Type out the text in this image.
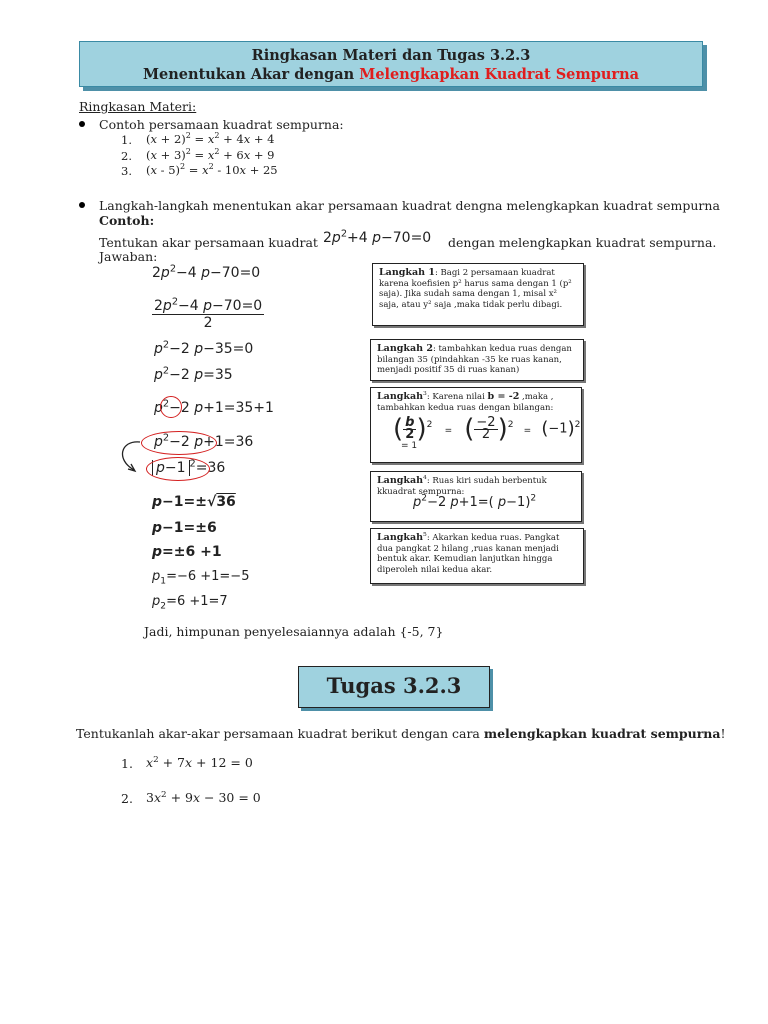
Ringkasan Materi dan Tugas 3.2.3
Menentukan Akar dengan Melengkapkan Kuadrat Sempurna
Ringkasan Materi:
Contoh persamaan kuadrat sempurna:
1. $(x + 2)^2 = x^2 + 4x + 4$
2. $(x + 3)^2 = x^2 + 6x + 9$
3. $(x - 5)^2 = x^2 - 10x + 25$
Langkah-langkah menentukan akar persamaan kuadrat dengna melengkapkan kuadrat sempurna
Contoh:
Tentukan akar persamaan kuadrat $2p^2+4$ p−70=0 dengan melengkapkan kuadrat sempurna.
Jawaban:
$2p^2-4$ p−70=0
$\frac{2p^2-4 p-70=0}{2}$
$p^2-2$ p−35=0
$p^2-2$ p=35
$p^2-2$ p+1=35+1
$p^2-2$ p+1=36
p−1 $^2$=36
p−1=±√36
p−1=±6
p=±6 +1
$p_1=-6 +1=-5$
$p_2=6 +1=7$
Jadi, himpunan penyelesaiannya adalah {-5, 7}
Langkah 1: Bagi 2 persamaan kuadrat karena koefisien p² harus sama dengan 1 (p² saja). Jika sudah sama dengan 1, misal x² saja, atau y² saja ,maka tidak perlu dibagi.
Langkah 2: tambahkan kedua ruas dengan bilangan 35 (pindahkan -35 ke ruas kanan, menjadi positif 35 di ruas kanan)
Langkah$^3$: Karena nilai b = -2 ,maka , tambahkan kedua ruas dengan bilangan:
( $\frac{b}{2} )^2$ = ( $\frac{-2}{2} )^2 = (-1)^2 = 1$
Langkah$^4$: Ruas kiri sudah berbentuk kkuadrat sempurna:
$p^2-2$ p+1=( p−1)$^2$
Langkah$^5$: Akarkan kedua ruas. Pangkat dua pangkat 2 hilang ,ruas kanan menjadi bentuk akar. Kemudian lanjutkan hingga diperoleh nilai kedua akar.
Tugas 3.2.3
Tentukanlah akar-akar persamaan kuadrat berikut dengan cara melengkapkan kuadrat sempurna!
1. $x^2 + 7x + 12 = 0$
2. $3x^2 + 9x - 30 = 0$
